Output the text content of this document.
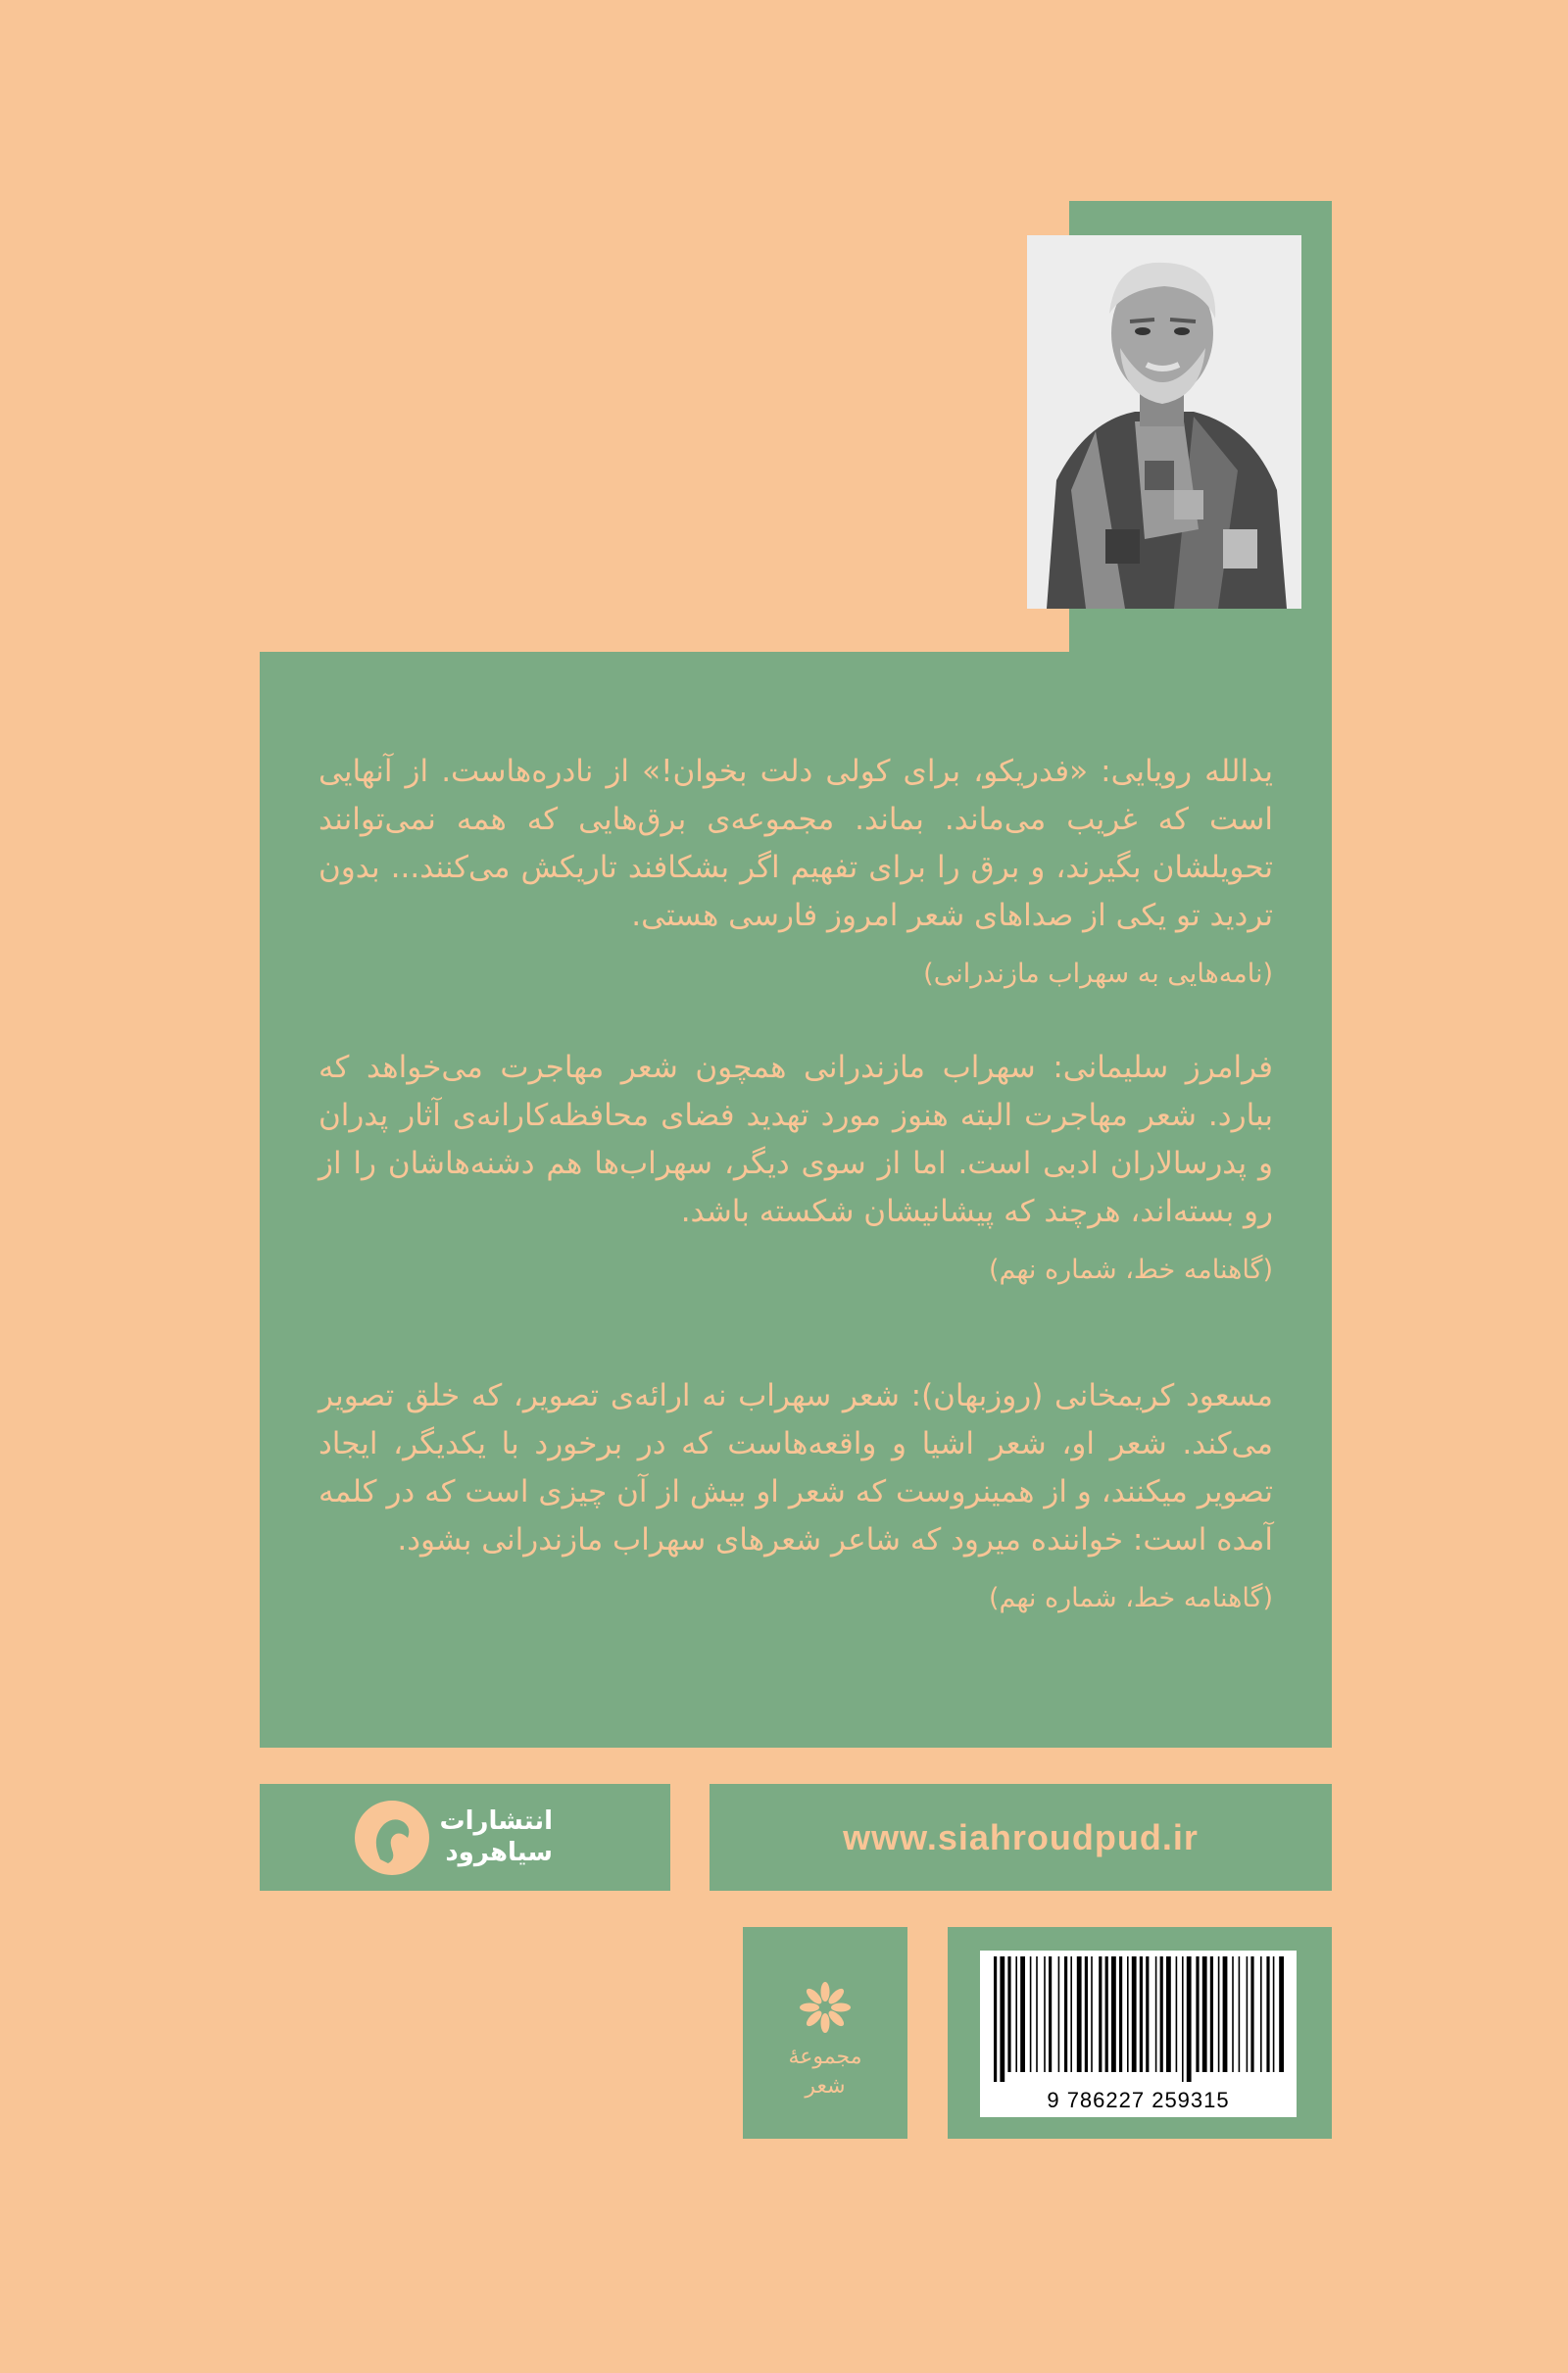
یدالله رویایی: «فدریکو، برای کولی دلت بخوان!» از نادره‌هاست. از آنهایی است که غریب می‌ماند. بماند. مجموعه‌ی برق‌هایی که همه نمی‌توانند تحویلشان بگیرند، و برق را برای تفهیم اگر بشکافند تاریکش می‌کنند... بدون تردید تو یکی از صداهای شعر امروز فارسی هستی.
(نامه‌هایی به سهراب مازندرانی)
فرامرز سلیمانی: سهراب مازندرانی همچون شعر مهاجرت می‌خواهد که ببارد. شعر مهاجرت البته هنوز مورد تهدید فضای محافظه‌کارانه‌ی آثار پدران و پدرسالاران ادبی است. اما از سوی دیگر، سهراب‌ها هم دشنه‌هاشان را از رو بسته‌اند، هرچند که پیشانیشان شکسته باشد.
(گاهنامه خط، شماره نهم)
مسعود کریمخانی (روزبهان): شعر سهراب نه ارائه‌ی تصویر، که خلق تصویر می‌کند. شعر او، شعر اشیا و واقعه‌هاست که در برخورد با یکدیگر، ایجاد تصویر میکنند، و از همینروست که شعر او بیش از آن چیزی است که در کلمه آمده است: خواننده میرود که شاعر شعرهای سهراب مازندرانی بشود.
(گاهنامه خط، شماره نهم)
انتشارات
سیاهرود	www.siahroudpud.ir
مجموعهٔ
شعر
9 786227 259315
